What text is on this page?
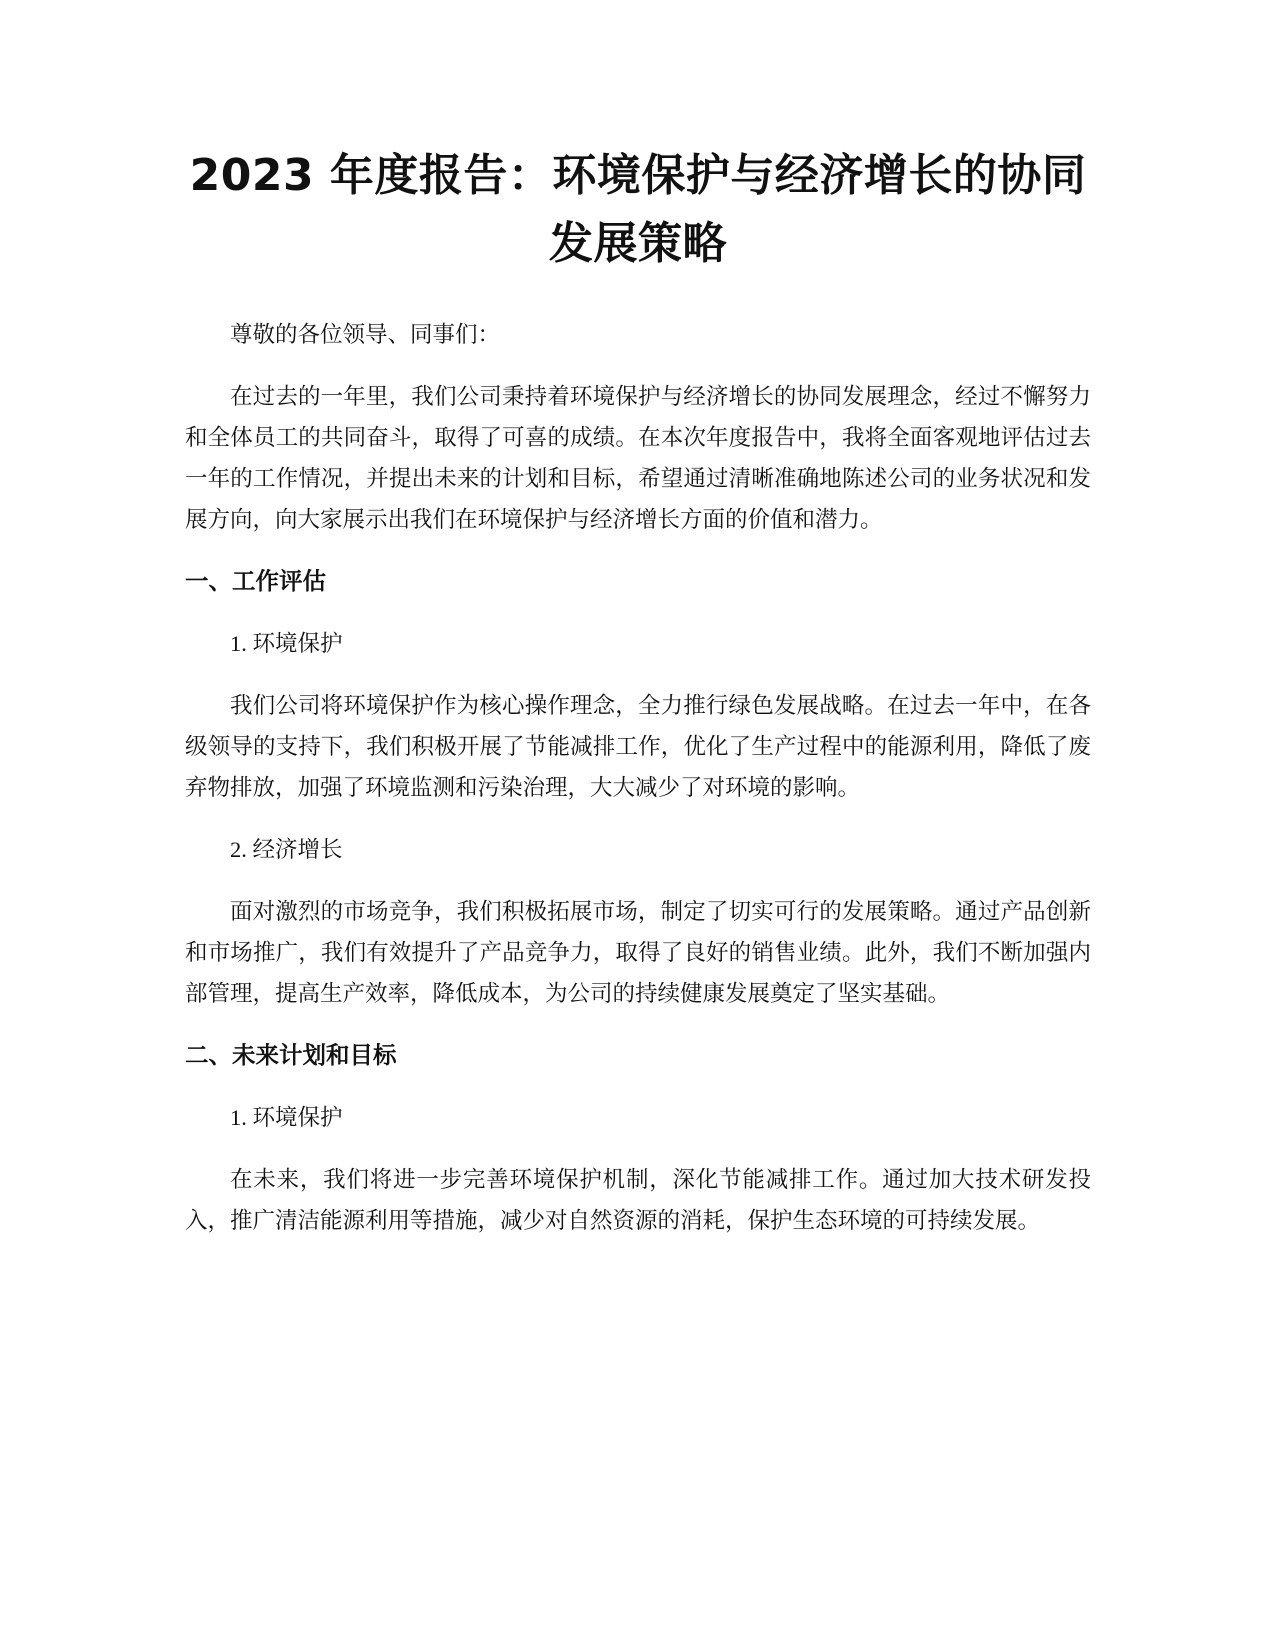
2023 年度报告：环境保护与经济增长的协同发展策略

尊敬的各位领导、同事们：

在过去的一年里，我们公司秉持着环境保护与经济增长的协同发展理念，经过不懈努力和全体员工的共同奋斗，取得了可喜的成绩。在本次年度报告中，我将全面客观地评估过去一年的工作情况，并提出未来的计划和目标，希望通过清晰准确地陈述公司的业务状况和发展方向，向大家展示出我们在环境保护与经济增长方面的价值和潜力。

一、工作评估

1. 环境保护

我们公司将环境保护作为核心操作理念，全力推行绿色发展战略。在过去一年中，在各级领导的支持下，我们积极开展了节能减排工作，优化了生产过程中的能源利用，降低了废弃物排放，加强了环境监测和污染治理，大大减少了对环境的影响。

2. 经济增长

面对激烈的市场竞争，我们积极拓展市场，制定了切实可行的发展策略。通过产品创新和市场推广，我们有效提升了产品竞争力，取得了良好的销售业绩。此外，我们不断加强内部管理，提高生产效率，降低成本，为公司的持续健康发展奠定了坚实基础。

二、未来计划和目标

1. 环境保护

在未来，我们将进一步完善环境保护机制，深化节能减排工作。通过加大技术研发投入，推广清洁能源利用等措施，减少对自然资源的消耗，保护生态环境的可持续发展。
